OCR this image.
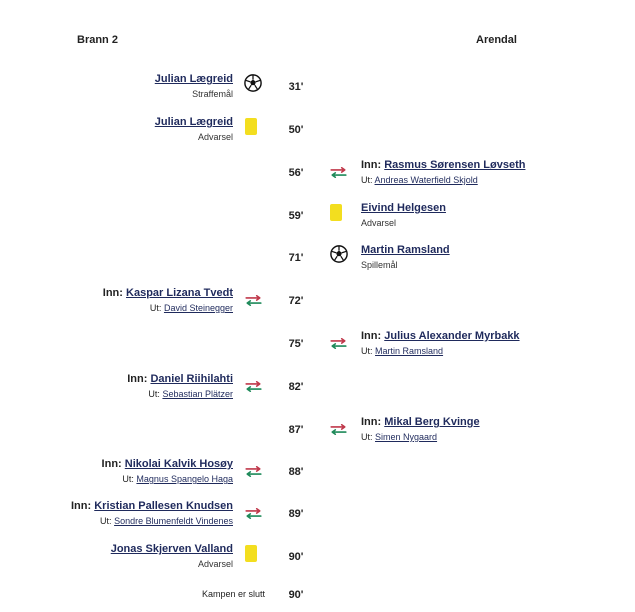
Brann 2	Arendal
31'
Julian Lægreid
Straffemål
50'
Julian Lægreid
Advarsel
56'
Inn: Rasmus Sørensen Løvseth
Ut: Andreas Waterfield Skjold
59'
Eivind Helgesen
Advarsel
71'
Martin Ramsland
Spillemål
72'
Inn: Kaspar Lizana Tvedt
Ut: David Steinegger
75'
Inn: Julius Alexander Myrbakk
Ut: Martin Ramsland
82'
Inn: Daniel Riihilahti
Ut: Sebastian Plätzer
87'
Inn: Mikal Berg Kvinge
Ut: Simen Nygaard
88'
Inn: Nikolai Kalvik Hosøy
Ut: Magnus Spangelo Haga
89'
Inn: Kristian Pallesen Knudsen
Ut: Sondre Blumenfeldt Vindenes
90'
Jonas Skjerven Valland
Advarsel
Kampen er slutt	90'
